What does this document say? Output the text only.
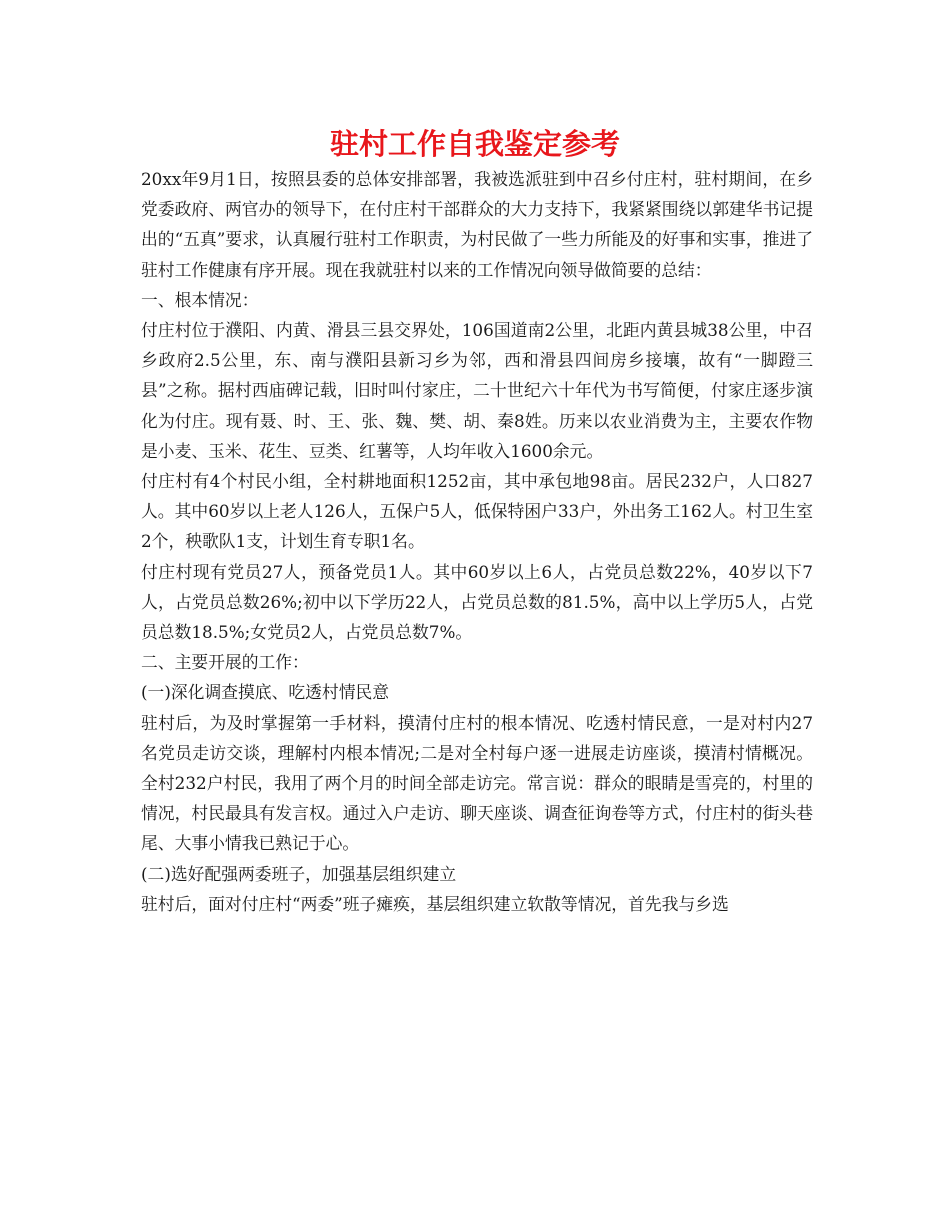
驻村工作自我鉴定参考

20xx年9月1日，按照县委的总体安排部署，我被选派驻到中召乡付庄村，驻村期间，在乡党委政府、两官办的领导下，在付庄村干部群众的大力支持下，我紧紧围绕以郭建华书记提出的“五真”要求，认真履行驻村工作职责，为村民做了一些力所能及的好事和实事，推进了驻村工作健康有序开展。现在我就驻村以来的工作情况向领导做简要的总结：

一、根本情况：

付庄村位于濮阳、内黄、滑县三县交界处，106国道南2公里，北距内黄县城38公里，中召乡政府2.5公里，东、南与濮阳县新习乡为邻，西和滑县四间房乡接壤，故有“一脚蹬三县”之称。据村西庙碑记载，旧时叫付家庄，二十世纪六十年代为书写简便，付家庄逐步演化为付庄。现有聂、时、王、张、魏、樊、胡、秦8姓。历来以农业消费为主，主要农作物是小麦、玉米、花生、豆类、红薯等，人均年收入1600余元。

付庄村有4个村民小组，全村耕地面积1252亩，其中承包地98亩。居民232户，人口827人。其中60岁以上老人126人，五保户5人，低保特困户33户，外出务工162人。村卫生室2个，秧歌队1支，计划生育专职1名。

付庄村现有党员27人，预备党员1人。其中60岁以上6人，占党员总数22%，40岁以下7人，占党员总数26%;初中以下学历22人，占党员总数的81.5%，高中以上学历5人，占党员总数18.5%;女党员2人，占党员总数7%。

二、主要开展的工作：

(一)深化调查摸底、吃透村情民意

驻村后，为及时掌握第一手材料，摸清付庄村的根本情况、吃透村情民意，一是对村内27名党员走访交谈，理解村内根本情况;二是对全村每户逐一进展走访座谈，摸清村情概况。全村232户村民，我用了两个月的时间全部走访完。常言说：群众的眼睛是雪亮的，村里的情况，村民最具有发言权。通过入户走访、聊天座谈、调查征询卷等方式，付庄村的街头巷尾、大事小情我已熟记于心。

(二)选好配强两委班子，加强基层组织建立

驻村后，面对付庄村“两委”班子瘫痪，基层组织建立软散等情况，首先我与乡选
